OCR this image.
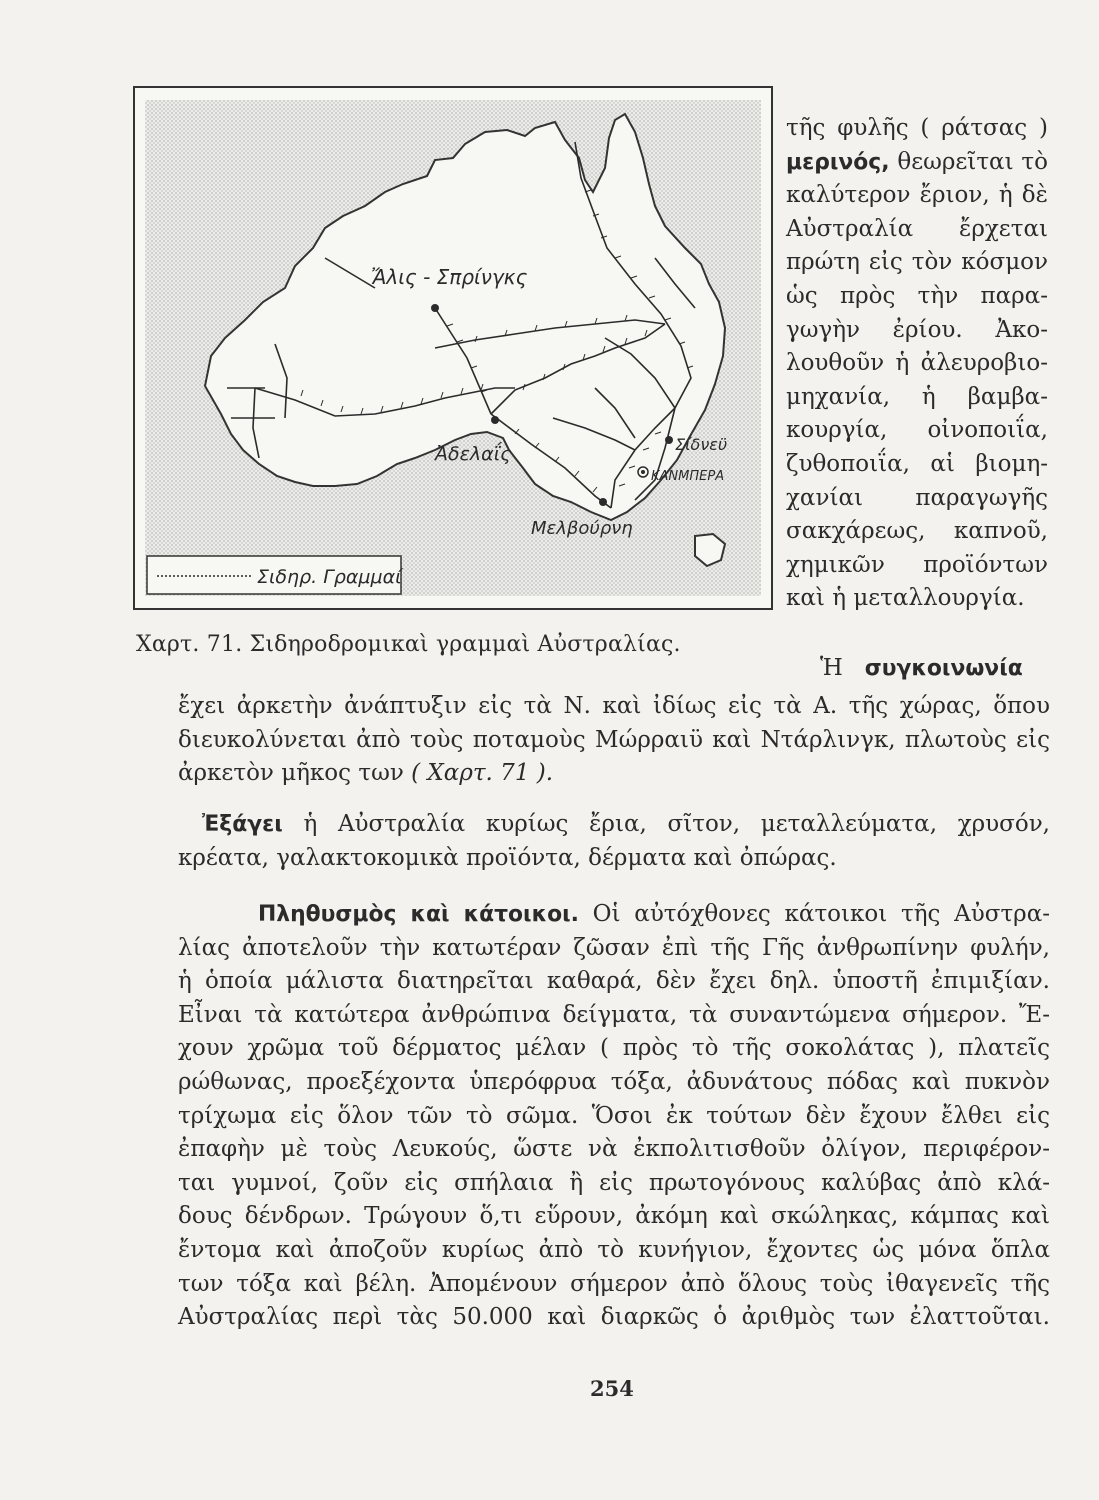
Ἄλις - Σπρίνγκς
Ἀδελαΐς	Σίδνεϋ
ΚΑΝΜΠΕΡΑ
Μελβούρνη
Σιδηρ. Γραμμαί
Χαρτ. 71. Σιδηροδρομικαὶ γραμμαὶ Αὐστραλίας.
τῆς φυλῆς ( ράτσας )
μερινός, θεωρεῖται τὸ
καλύτερον ἔριον, ἡ δὲ
Αὐστραλία ἔρχεται
πρώτη εἰς τὸν κόσμον
ὡς πρὸς τὴν παρα-
γωγὴν ἐρίου. Ἀκο-
λουθοῦν ἡ ἀλευροβιο-
μηχανία, ἡ βαμβα-
κουργία, οἰνοποιΐα,
ζυθοποιΐα, αἱ βιομη-
χανίαι παραγωγῆς
σακχάρεως, καπνοῦ,
χημικῶν προϊόντων
καὶ ἡ μεταλλουργία.
Ἡ συγκοινωνία
ἔχει ἀρκετὴν ἀνάπτυξιν εἰς τὰ Ν. καὶ ἰδίως εἰς τὰ Α. τῆς χώρας, ὅπου
διευκολύνεται ἀπὸ τοὺς ποταμοὺς Μώρραιϋ καὶ Ντάρλινγκ, πλωτοὺς εἰς
ἀρκετὸν μῆκος των ( Χαρτ. 71 ).
Ἐξάγει ἡ Αὐστραλία κυρίως ἔρια, σῖτον, μεταλλεύματα, χρυσόν,
κρέατα, γαλακτοκομικὰ προϊόντα, δέρματα καὶ ὀπώρας.
Πληθυσμὸς καὶ κάτοικοι. Οἱ αὐτόχθονες κάτοικοι τῆς Αὐστρα-
λίας ἀποτελοῦν τὴν κατωτέραν ζῶσαν ἐπὶ τῆς Γῆς ἀνθρωπίνην φυλήν,
ἡ ὁποία μάλιστα διατηρεῖται καθαρά, δὲν ἔχει δηλ. ὑποστῆ ἐπιμιξίαν.
Εἶναι τὰ κατώτερα ἀνθρώπινα δείγματα, τὰ συναντώμενα σήμερον. Ἔ-
χουν χρῶμα τοῦ δέρματος μέλαν ( πρὸς τὸ τῆς σοκολάτας ), πλατεῖς
ρώθωνας, προεξέχοντα ὑπερόφρυα τόξα, ἀδυνάτους πόδας καὶ πυκνὸν
τρίχωμα εἰς ὅλον τῶν τὸ σῶμα. Ὅσοι ἐκ τούτων δὲν ἔχουν ἔλθει εἰς
ἐπαφὴν μὲ τοὺς Λευκούς, ὥστε νὰ ἐκπολιτισθοῦν ὀλίγον, περιφέρον-
ται γυμνοί, ζοῦν εἰς σπήλαια ἢ εἰς πρωτογόνους καλύβας ἀπὸ κλά-
δους δένδρων. Τρώγουν ὅ,τι εὕρουν, ἀκόμη καὶ σκώληκας, κάμπας καὶ
ἔντομα καὶ ἀποζοῦν κυρίως ἀπὸ τὸ κυνήγιον, ἔχοντες ὡς μόνα ὅπλα
των τόξα καὶ βέλη. Ἀπομένουν σήμερον ἀπὸ ὅλους τοὺς ἰθαγενεῖς τῆς
Αὐστραλίας περὶ τὰς 50.000 καὶ διαρκῶς ὁ ἀριθμὸς των ἐλαττοῦται.
254
